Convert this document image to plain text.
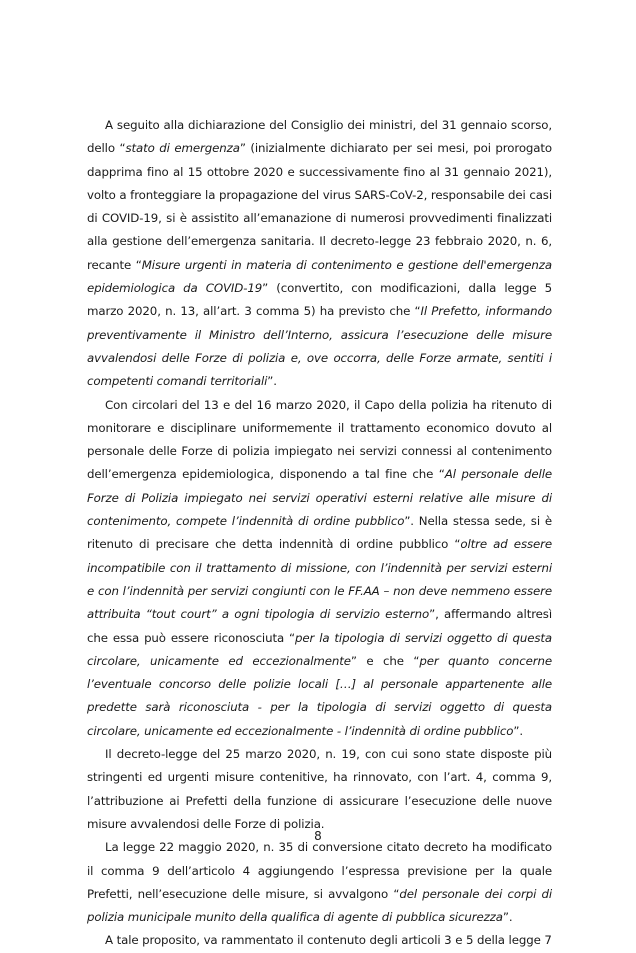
A seguito alla dichiarazione del Consiglio dei ministri, del 31 gennaio scorso, dello “stato di emergenza” (inizialmente dichiarato per sei mesi, poi prorogato dapprima fino al 15 ottobre 2020 e successivamente fino al 31 gennaio 2021), volto a fronteggiare la propagazione del virus SARS-CoV-2, responsabile dei casi di COVID-19, si è assistito all’emanazione di numerosi provvedimenti finalizzati alla gestione dell’emergenza sanitaria. Il decreto-legge 23 febbraio 2020, n. 6, recante “Misure urgenti in materia di contenimento e gestione dell'emergenza epidemiologica da COVID-19” (convertito, con modificazioni, dalla legge 5 marzo 2020, n. 13, all’art. 3 comma 5) ha previsto che “Il Prefetto, informando preventivamente il Ministro dell’Interno, assicura l’esecuzione delle misure avvalendosi delle Forze di polizia e, ove occorra, delle Forze armate, sentiti i competenti comandi territoriali”.

Con circolari del 13 e del 16 marzo 2020, il Capo della polizia ha ritenuto di monitorare e disciplinare uniformemente il trattamento economico dovuto al personale delle Forze di polizia impiegato nei servizi connessi al contenimento dell’emergenza epidemiologica, disponendo a tal fine che “Al personale delle Forze di Polizia impiegato nei servizi operativi esterni relative alle misure di contenimento, compete l’indennità di ordine pubblico”. Nella stessa sede, si è ritenuto di precisare che detta indennità di ordine pubblico “oltre ad essere incompatibile con il trattamento di missione, con l’indennità per servizi esterni e con l’indennità per servizi congiunti con le FF.AA – non deve nemmeno essere attribuita “tout court” a ogni tipologia di servizio esterno”, affermando altresì che essa può essere riconosciuta “per la tipologia di servizi oggetto di questa circolare, unicamente ed eccezionalmente” e che “per quanto concerne l’eventuale concorso delle polizie locali […] al personale appartenente alle predette sarà riconosciuta - per la tipologia di servizi oggetto di questa circolare, unicamente ed eccezionalmente - l’indennità di ordine pubblico”.

Il decreto-legge del 25 marzo 2020, n. 19, con cui sono state disposte più stringenti ed urgenti misure contenitive, ha rinnovato, con l’art. 4, comma 9, l’attribuzione ai Prefetti della funzione di assicurare l’esecuzione delle nuove misure avvalendosi delle Forze di polizia.

La legge 22 maggio 2020, n. 35 di conversione citato decreto ha modificato il comma 9 dell’articolo 4 aggiungendo l’espressa previsione per la quale Prefetti, nell’esecuzione delle misure, si avvalgono “del personale dei corpi di polizia municipale munito della qualifica di agente di pubblica sicurezza”.

A tale proposito, va rammentato il contenuto degli articoli 3 e 5 della legge 7

8
